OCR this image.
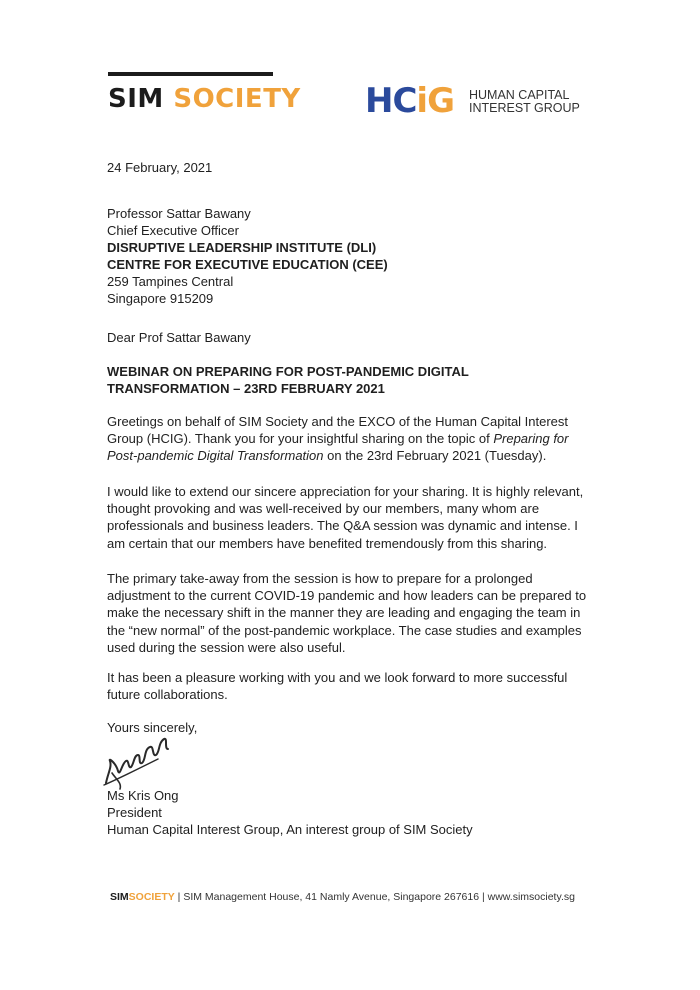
SIM SOCIETY HCiG HUMAN CAPITAL
INTEREST GROUP
24 February, 2021
Professor Sattar Bawany
Chief Executive Officer
DISRUPTIVE LEADERSHIP INSTITUTE (DLI)
CENTRE FOR EXECUTIVE EDUCATION (CEE)
259 Tampines Central
Singapore 915209
Dear Prof Sattar Bawany
WEBINAR ON PREPARING FOR POST-PANDEMIC DIGITAL
TRANSFORMATION – 23RD FEBRUARY 2021
Greetings on behalf of SIM Society and the EXCO of the Human Capital Interest
Group (HCIG). Thank you for your insightful sharing on the topic of Preparing for
Post-pandemic Digital Transformation on the 23rd February 2021 (Tuesday).
I would like to extend our sincere appreciation for your sharing. It is highly relevant,
thought provoking and was well-received by our members, many whom are
professionals and business leaders. The Q&A session was dynamic and intense. I
am certain that our members have benefited tremendously from this sharing.
The primary take-away from the session is how to prepare for a prolonged
adjustment to the current COVID-19 pandemic and how leaders can be prepared to
make the necessary shift in the manner they are leading and engaging the team in
the “new normal” of the post-pandemic workplace. The case studies and examples
used during the session were also useful.
It has been a pleasure working with you and we look forward to more successful
future collaborations.
Yours sincerely,
Ms Kris Ong
President
Human Capital Interest Group, An interest group of SIM Society
SIMSOCIETY | SIM Management House, 41 Namly Avenue, Singapore 267616 | www.simsociety.sg
